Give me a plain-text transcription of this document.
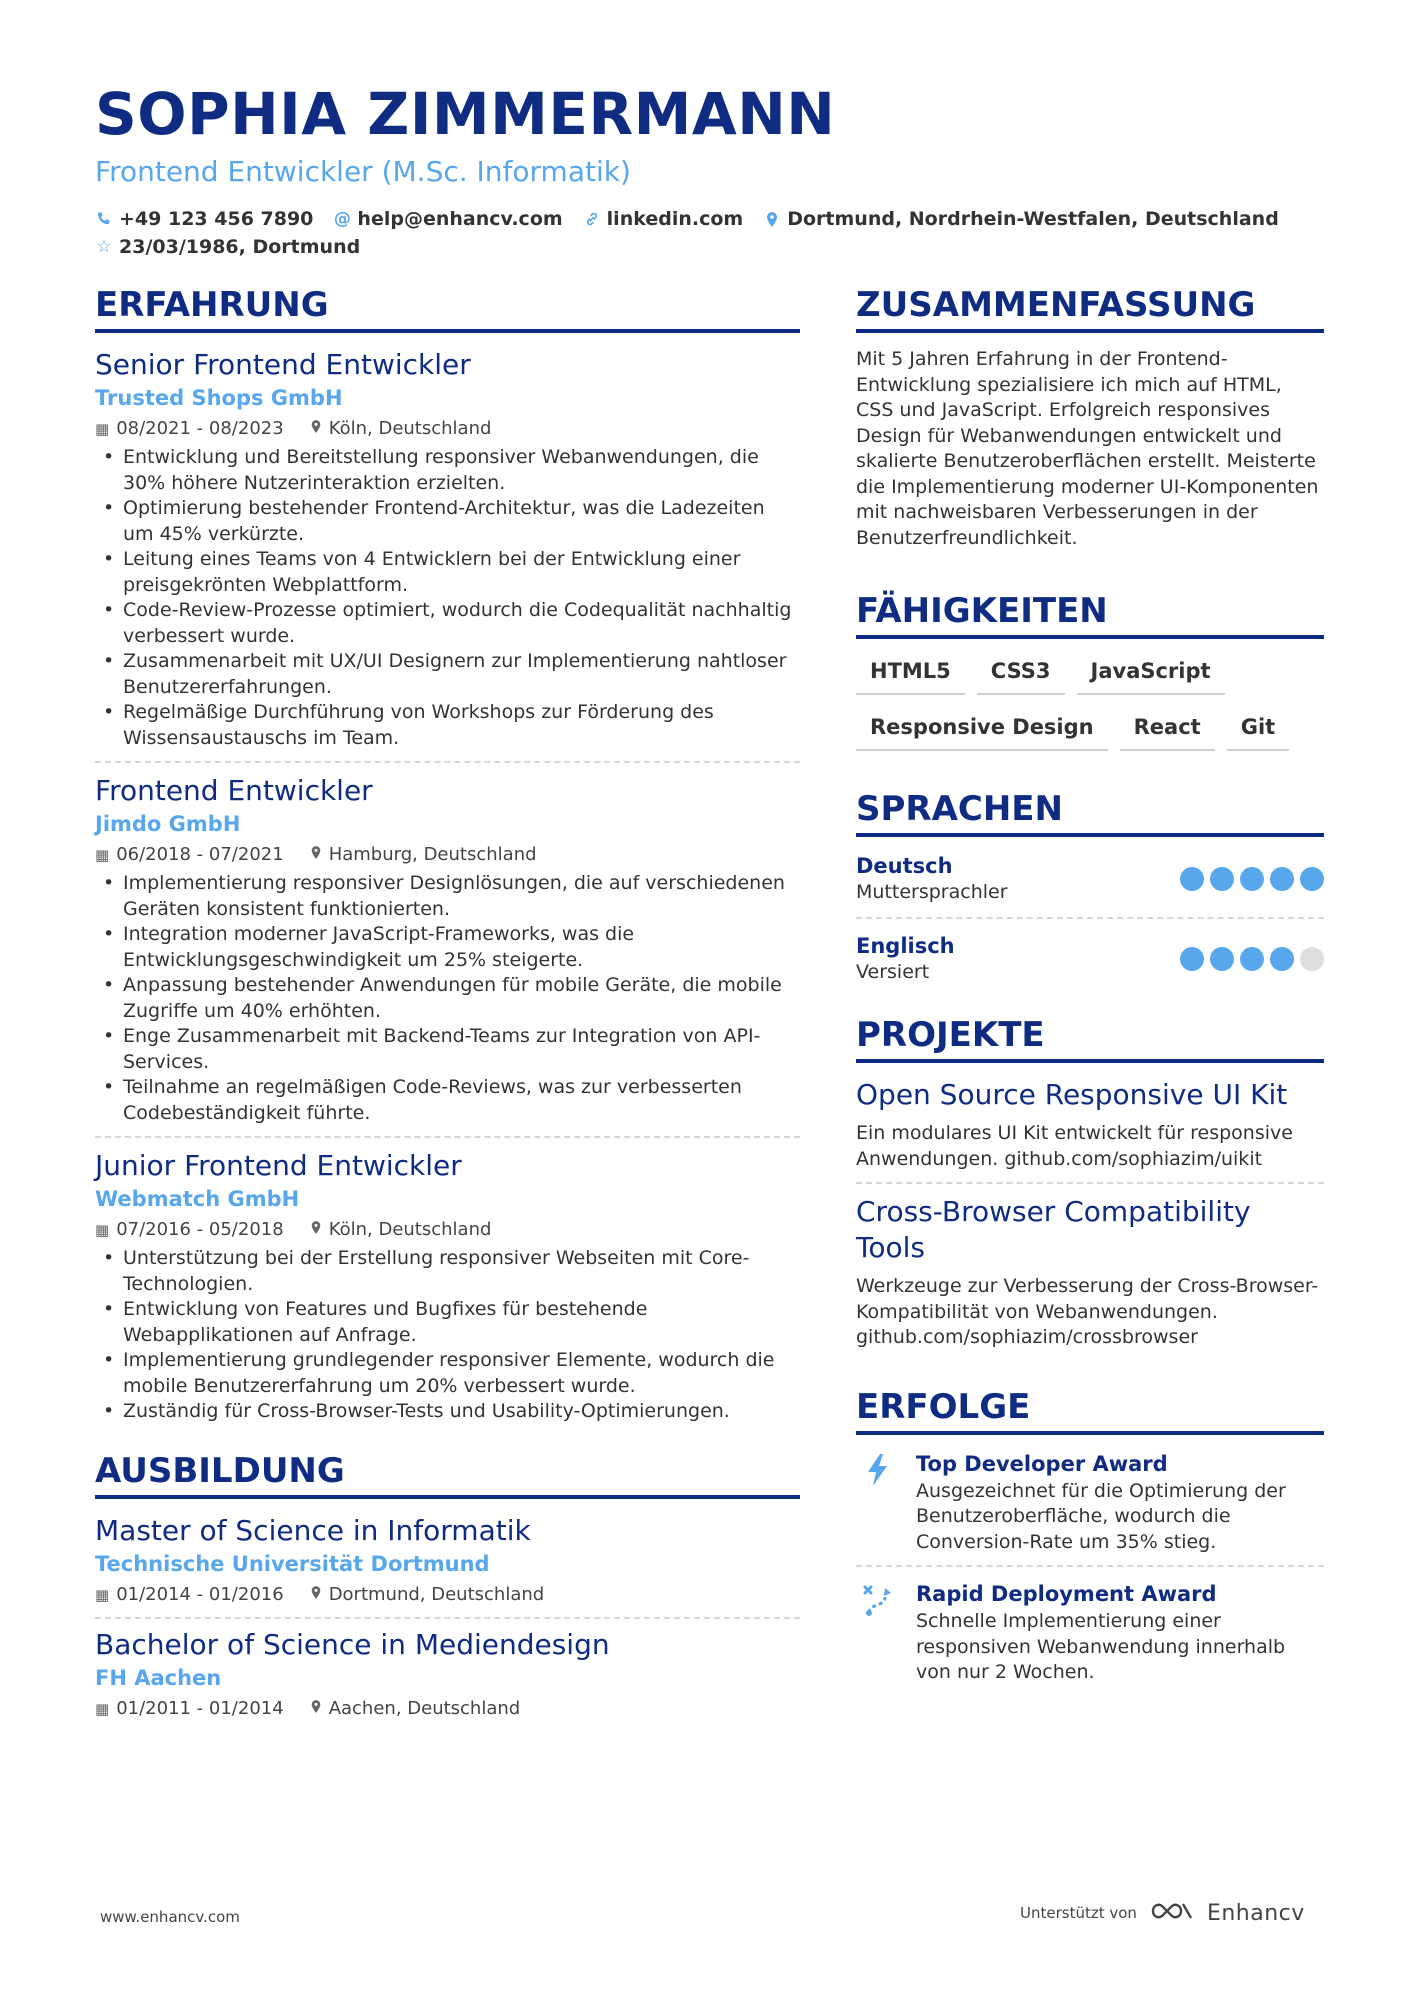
SOPHIA ZIMMERMANN
Frontend Entwickler (M.Sc. Informatik)
+49 123 456 7890 @ help@enhancv.com linkedin.com Dortmund, Nordrhein-Westfalen, Deutschland
☆ 23/03/1986, Dortmund
ERFAHRUNG
Senior Frontend Entwickler
Trusted Shops GmbH
▦ 08/2021 - 08/2023	Köln, Deutschland
• Entwicklung und Bereitstellung responsiver Webanwendungen, die 30% höhere Nutzerinteraktion erzielten.
• Optimierung bestehender Frontend-Architektur, was die Ladezeiten um 45% verkürzte.
• Leitung eines Teams von 4 Entwicklern bei der Entwicklung einer preisgekrönten Webplattform.
• Code-Review-Prozesse optimiert, wodurch die Codequalität nachhaltig verbessert wurde.
• Zusammenarbeit mit UX/UI Designern zur Implementierung nahtloser Benutzererfahrungen.
• Regelmäßige Durchführung von Workshops zur Förderung des Wissensaustauschs im Team.
Frontend Entwickler
Jimdo GmbH
▦ 06/2018 - 07/2021	Hamburg, Deutschland
• Implementierung responsiver Designlösungen, die auf verschiedenen Geräten konsistent funktionierten.
• Integration moderner JavaScript-Frameworks, was die Entwicklungsgeschwindigkeit um 25% steigerte.
• Anpassung bestehender Anwendungen für mobile Geräte, die mobile Zugriffe um 40% erhöhten.
• Enge Zusammenarbeit mit Backend-Teams zur Integration von API-Services.
• Teilnahme an regelmäßigen Code-Reviews, was zur verbesserten Codebeständigkeit führte.
Junior Frontend Entwickler
Webmatch GmbH
▦ 07/2016 - 05/2018	Köln, Deutschland
• Unterstützung bei der Erstellung responsiver Webseiten mit Core-Technologien.
• Entwicklung von Features und Bugfixes für bestehende Webapplikationen auf Anfrage.
• Implementierung grundlegender responsiver Elemente, wodurch die mobile Benutzererfahrung um 20% verbessert wurde.
• Zuständig für Cross-Browser-Tests und Usability-Optimierungen.
AUSBILDUNG
Master of Science in Informatik
Technische Universität Dortmund
▦ 01/2014 - 01/2016	Dortmund, Deutschland
Bachelor of Science in Mediendesign
FH Aachen
▦ 01/2011 - 01/2014	Aachen, Deutschland
ZUSAMMENFASSUNG
Mit 5 Jahren Erfahrung in der Frontend-Entwicklung spezialisiere ich mich auf HTML, CSS und JavaScript. Erfolgreich responsives Design für Webanwendungen entwickelt und skalierte Benutzeroberflächen erstellt. Meisterte die Implementierung moderner UI-Komponenten mit nachweisbaren Verbesserungen in der Benutzerfreundlichkeit.
FÄHIGKEITEN
HTML5	CSS3	JavaScript
Responsive Design	React	Git
SPRACHEN
Deutsch
Muttersprachler
Englisch
Versiert
PROJEKTE
Open Source Responsive UI Kit
Ein modulares UI Kit entwickelt für responsive Anwendungen. github.com/sophiazim/uikit
Cross-Browser Compatibility Tools
Werkzeuge zur Verbesserung der Cross-Browser-Kompatibilität von Webanwendungen. github.com/sophiazim/crossbrowser
ERFOLGE
Top Developer Award
Ausgezeichnet für die Optimierung der Benutzeroberfläche, wodurch die Conversion-Rate um 35% stieg.
Rapid Deployment Award
Schnelle Implementierung einer responsiven Webanwendung innerhalb von nur 2 Wochen.
www.enhancv.com	Unterstützt von	Enhancv
